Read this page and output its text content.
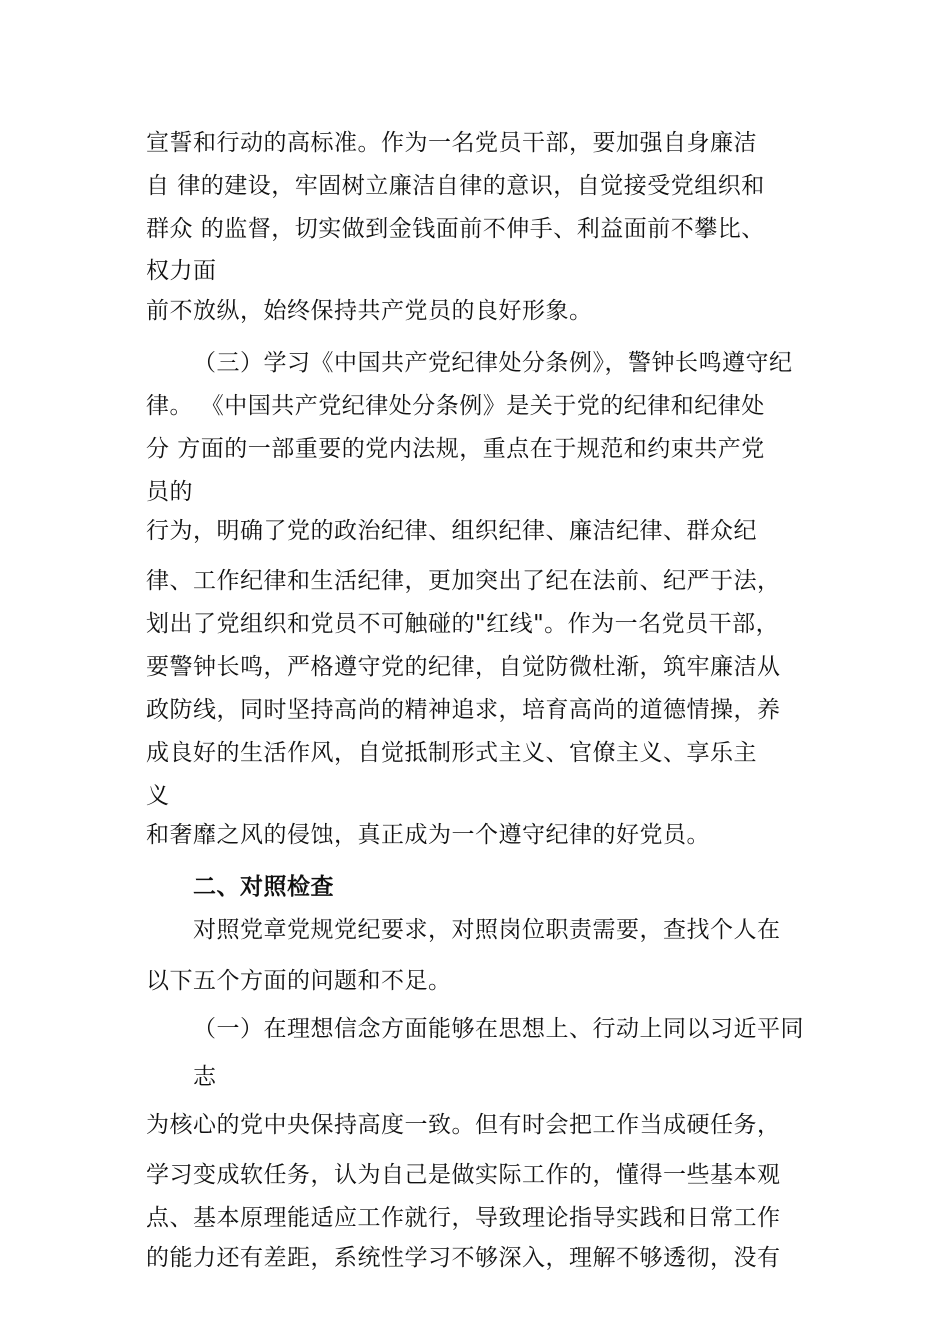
宣誓和行动的高标准。作为一名党员干部，要加强自身廉洁
自 律的建设，牢固树立廉洁自律的意识，自觉接受党组织和
群众 的监督，切实做到金钱面前不伸手、利益面前不攀比、
权力面
前不放纵，始终保持共产党员的良好形象。
（三）学习《中国共产党纪律处分条例》，警钟长鸣遵守纪
律。 《中国共产党纪律处分条例》是关于党的纪律和纪律处
分 方面的一部重要的党内法规，重点在于规范和约束共产党
员的
行为，明确了党的政治纪律、组织纪律、廉洁纪律、群众纪
律、工作纪律和生活纪律，更加突出了纪在法前、纪严于法，
划出了党组织和党员不可触碰的"红线"。作为一名党员干部，
要警钟长鸣，严格遵守党的纪律，自觉防微杜渐，筑牢廉洁从
政防线，同时坚持高尚的精神追求，培育高尚的道德情操，养
成良好的生活作风，自觉抵制形式主义、官僚主义、享乐主
义
和奢靡之风的侵蚀，真正成为一个遵守纪律的好党员。
二、对照检查
对照党章党规党纪要求，对照岗位职责需要，查找个人在
以下五个方面的问题和不足。
（一）在理想信念方面能够在思想上、行动上同以习近平同
志
为核心的党中央保持高度一致。但有时会把工作当成硬任务，
学习变成软任务，认为自己是做实际工作的，懂得一些基本观
点、基本原理能适应工作就行，导致理论指导实践和日常工作
的能力还有差距，系统性学习不够深入，理解不够透彻，没有
